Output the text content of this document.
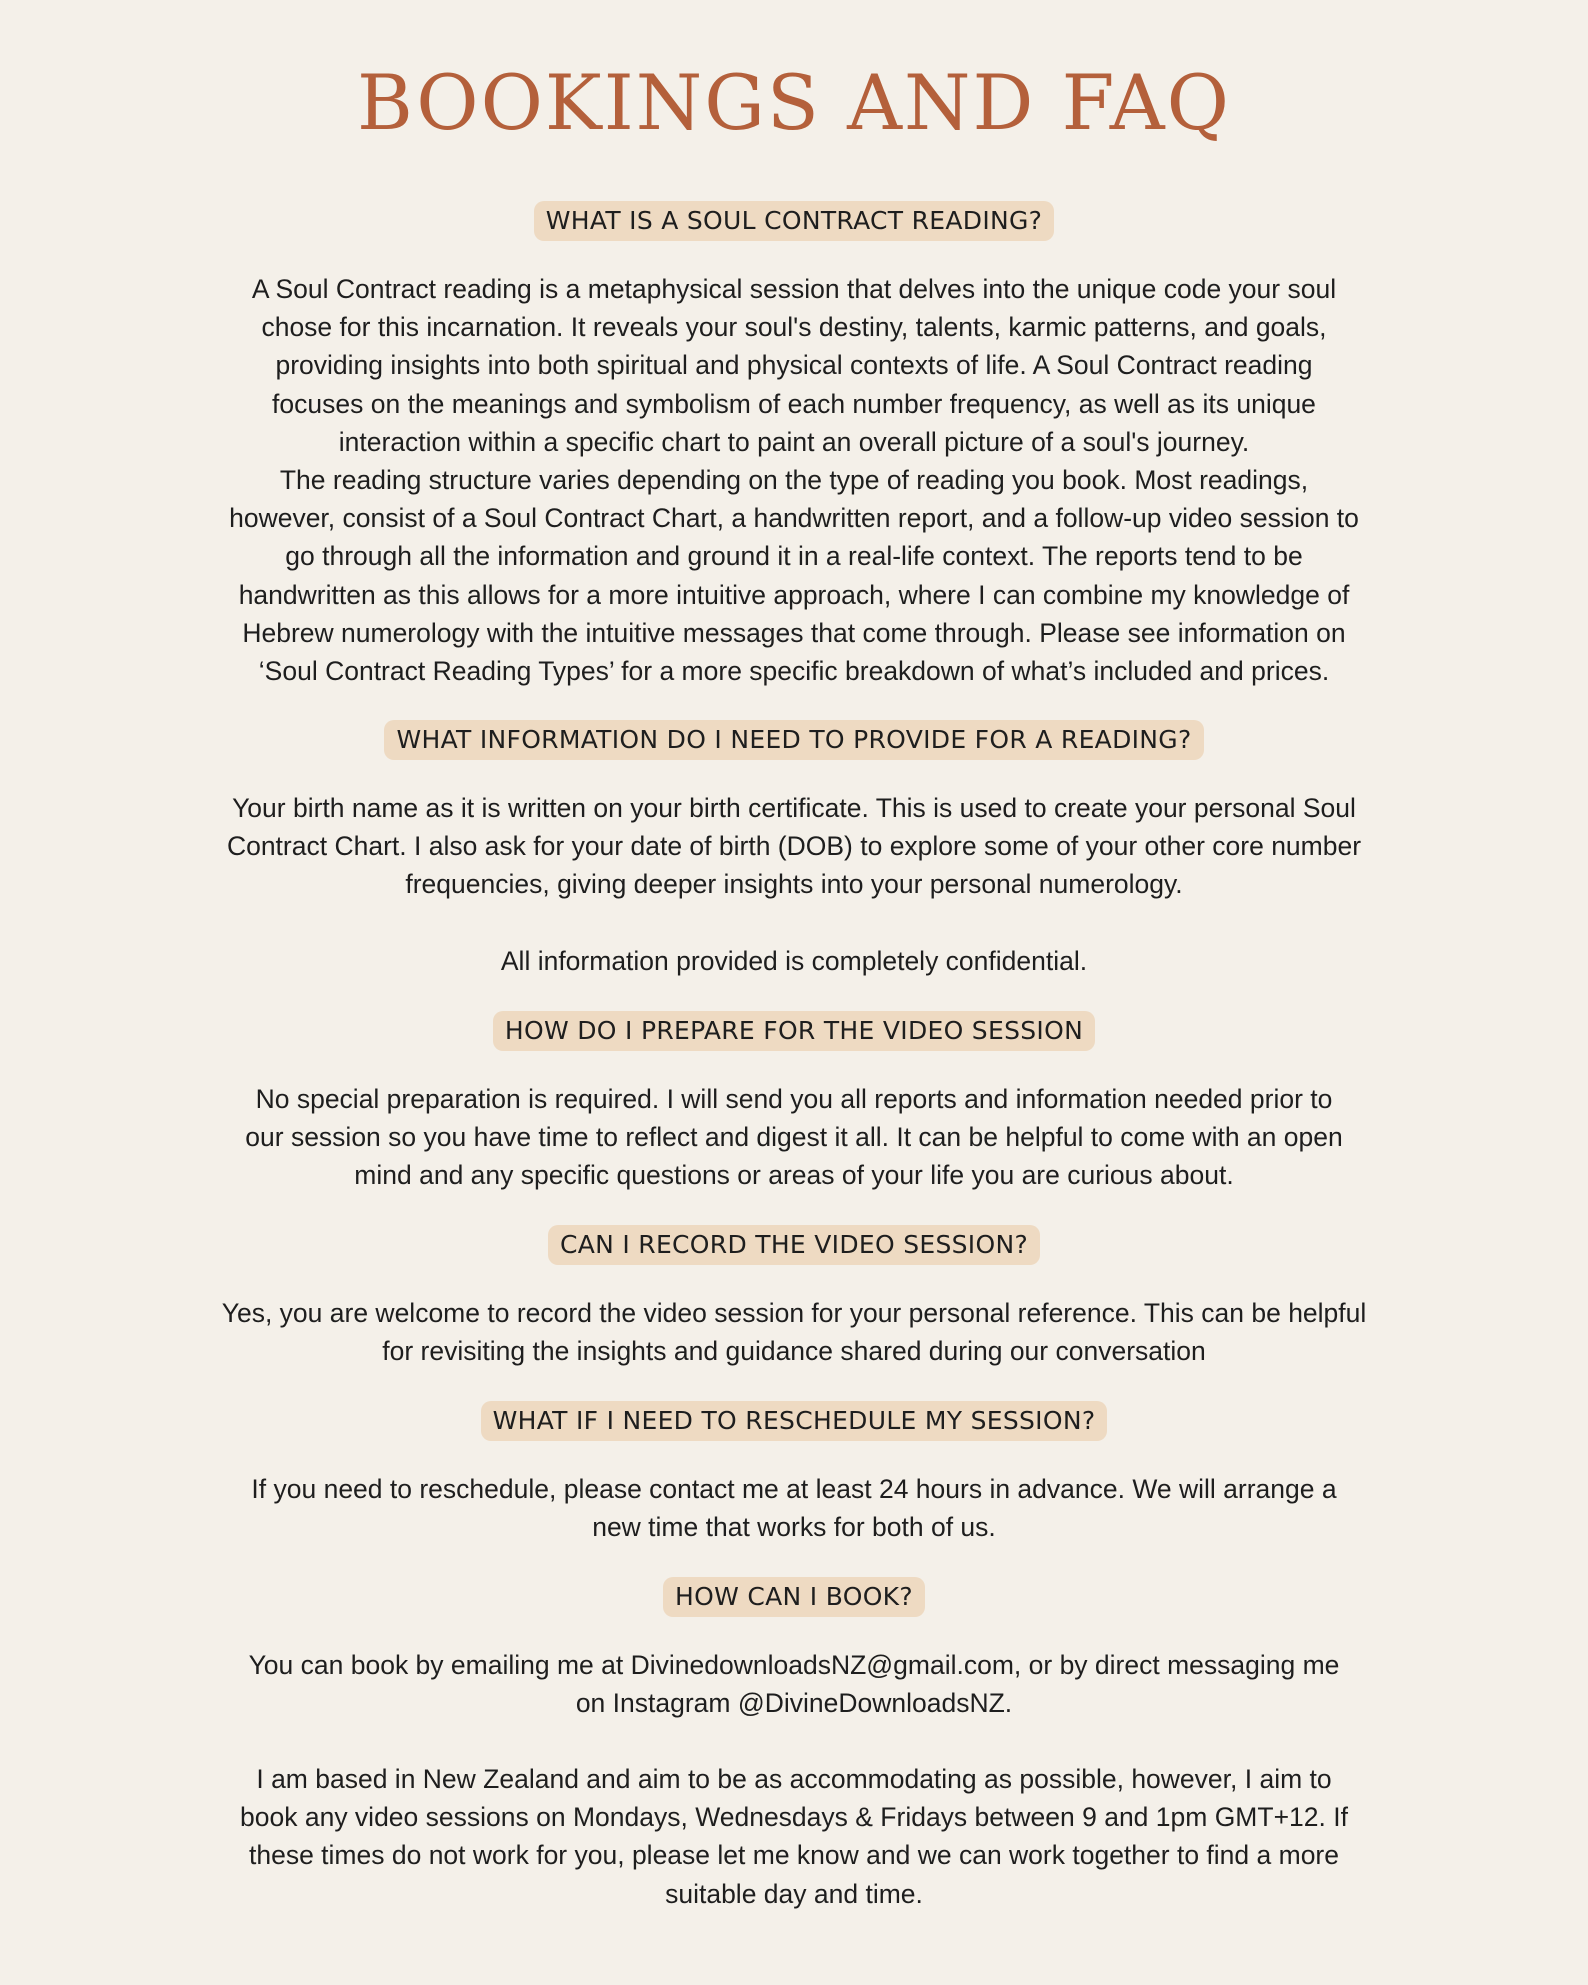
BOOKINGS AND FAQ
WHAT IS A SOUL CONTRACT READING?

A Soul Contract reading is a metaphysical session that delves into the unique code your soul
chose for this incarnation. It reveals your soul's destiny, talents, karmic patterns, and goals,
providing insights into both spiritual and physical contexts of life. A Soul Contract reading
focuses on the meanings and symbolism of each number frequency, as well as its unique
interaction within a specific chart to paint an overall picture of a soul's journey.
The reading structure varies depending on the type of reading you book. Most readings,
however, consist of a Soul Contract Chart, a handwritten report, and a follow-up video session to
go through all the information and ground it in a real-life context. The reports tend to be
handwritten as this allows for a more intuitive approach, where I can combine my knowledge of
Hebrew numerology with the intuitive messages that come through. Please see information on
‘Soul Contract Reading Types’ for a more specific breakdown of what’s included and prices.

WHAT INFORMATION DO I NEED TO PROVIDE FOR A READING?

Your birth name as it is written on your birth certificate. This is used to create your personal Soul
Contract Chart. I also ask for your date of birth (DOB) to explore some of your other core number
frequencies, giving deeper insights into your personal numerology.

All information provided is completely confidential.

HOW DO I PREPARE FOR THE VIDEO SESSION

No special preparation is required. I will send you all reports and information needed prior to
our session so you have time to reflect and digest it all. It can be helpful to come with an open
mind and any specific questions or areas of your life you are curious about.

CAN I RECORD THE VIDEO SESSION?

Yes, you are welcome to record the video session for your personal reference. This can be helpful
for revisiting the insights and guidance shared during our conversation

WHAT IF I NEED TO RESCHEDULE MY SESSION?

If you need to reschedule, please contact me at least 24 hours in advance. We will arrange a
new time that works for both of us.

HOW CAN I BOOK?

You can book by emailing me at DivinedownloadsNZ@gmail.com, or by direct messaging me
on Instagram @DivineDownloadsNZ.

I am based in New Zealand and aim to be as accommodating as possible, however, I aim to
book any video sessions on Mondays, Wednesdays & Fridays between 9 and 1pm GMT+12. If
these times do not work for you, please let me know and we can work together to find a more
suitable day and time.
